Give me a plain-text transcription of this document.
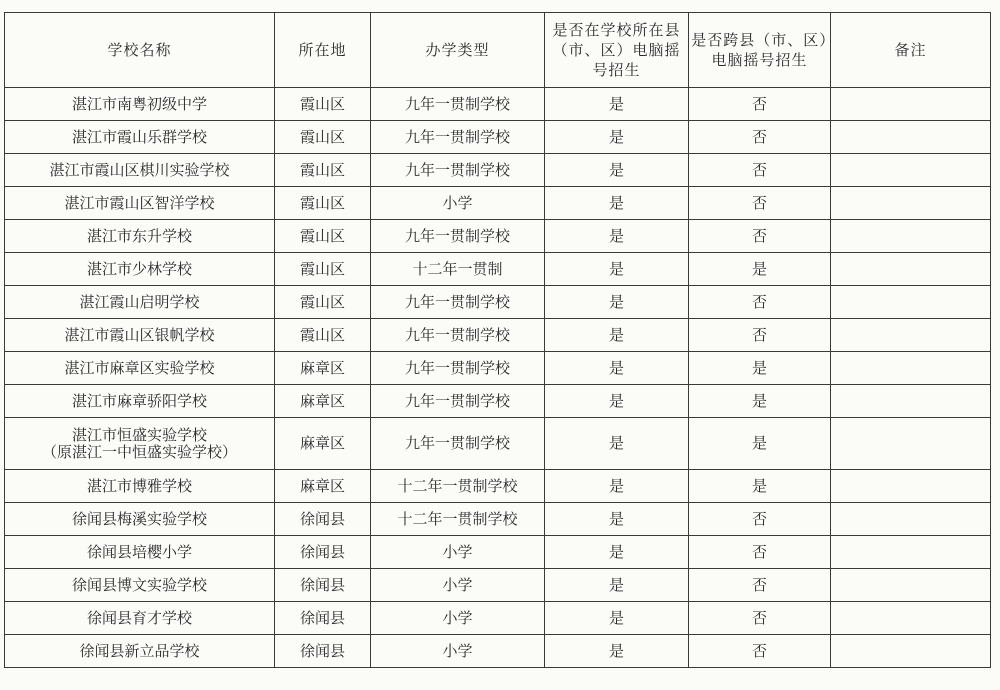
学校名称	所在地	办学类型	是否在学校所在县（市、区）电脑摇号招生	是否跨县（市、区）电脑摇号招生	备注
湛江市南粤初级中学	霞山区	九年一贯制学校	是	否	
湛江市霞山乐群学校	霞山区	九年一贯制学校	是	否	
湛江市霞山区棋川实验学校	霞山区	九年一贯制学校	是	否	
湛江市霞山区智洋学校	霞山区	小学	是	否	
湛江市东升学校	霞山区	九年一贯制学校	是	否	
湛江市少林学校	霞山区	十二年一贯制	是	是	
湛江霞山启明学校	霞山区	九年一贯制学校	是	否	
湛江市霞山区银帆学校	霞山区	九年一贯制学校	是	否	
湛江市麻章区实验学校	麻章区	九年一贯制学校	是	是	
湛江市麻章骄阳学校	麻章区	九年一贯制学校	是	是	

湛江市恒盛实验学校
（原湛江一中恒盛实验学校）	麻章区	九年一贯制学校	是	是	
湛江市博雅学校	麻章区	十二年一贯制学校	是	是	
徐闻县梅溪实验学校	徐闻县	十二年一贯制学校	是	否	
徐闻县培樱小学	徐闻县	小学	是	否	
徐闻县博文实验学校	徐闻县	小学	是	否	
徐闻县育才学校	徐闻县	小学	是	否	
徐闻县新立品学校	徐闻县	小学	是	否	
